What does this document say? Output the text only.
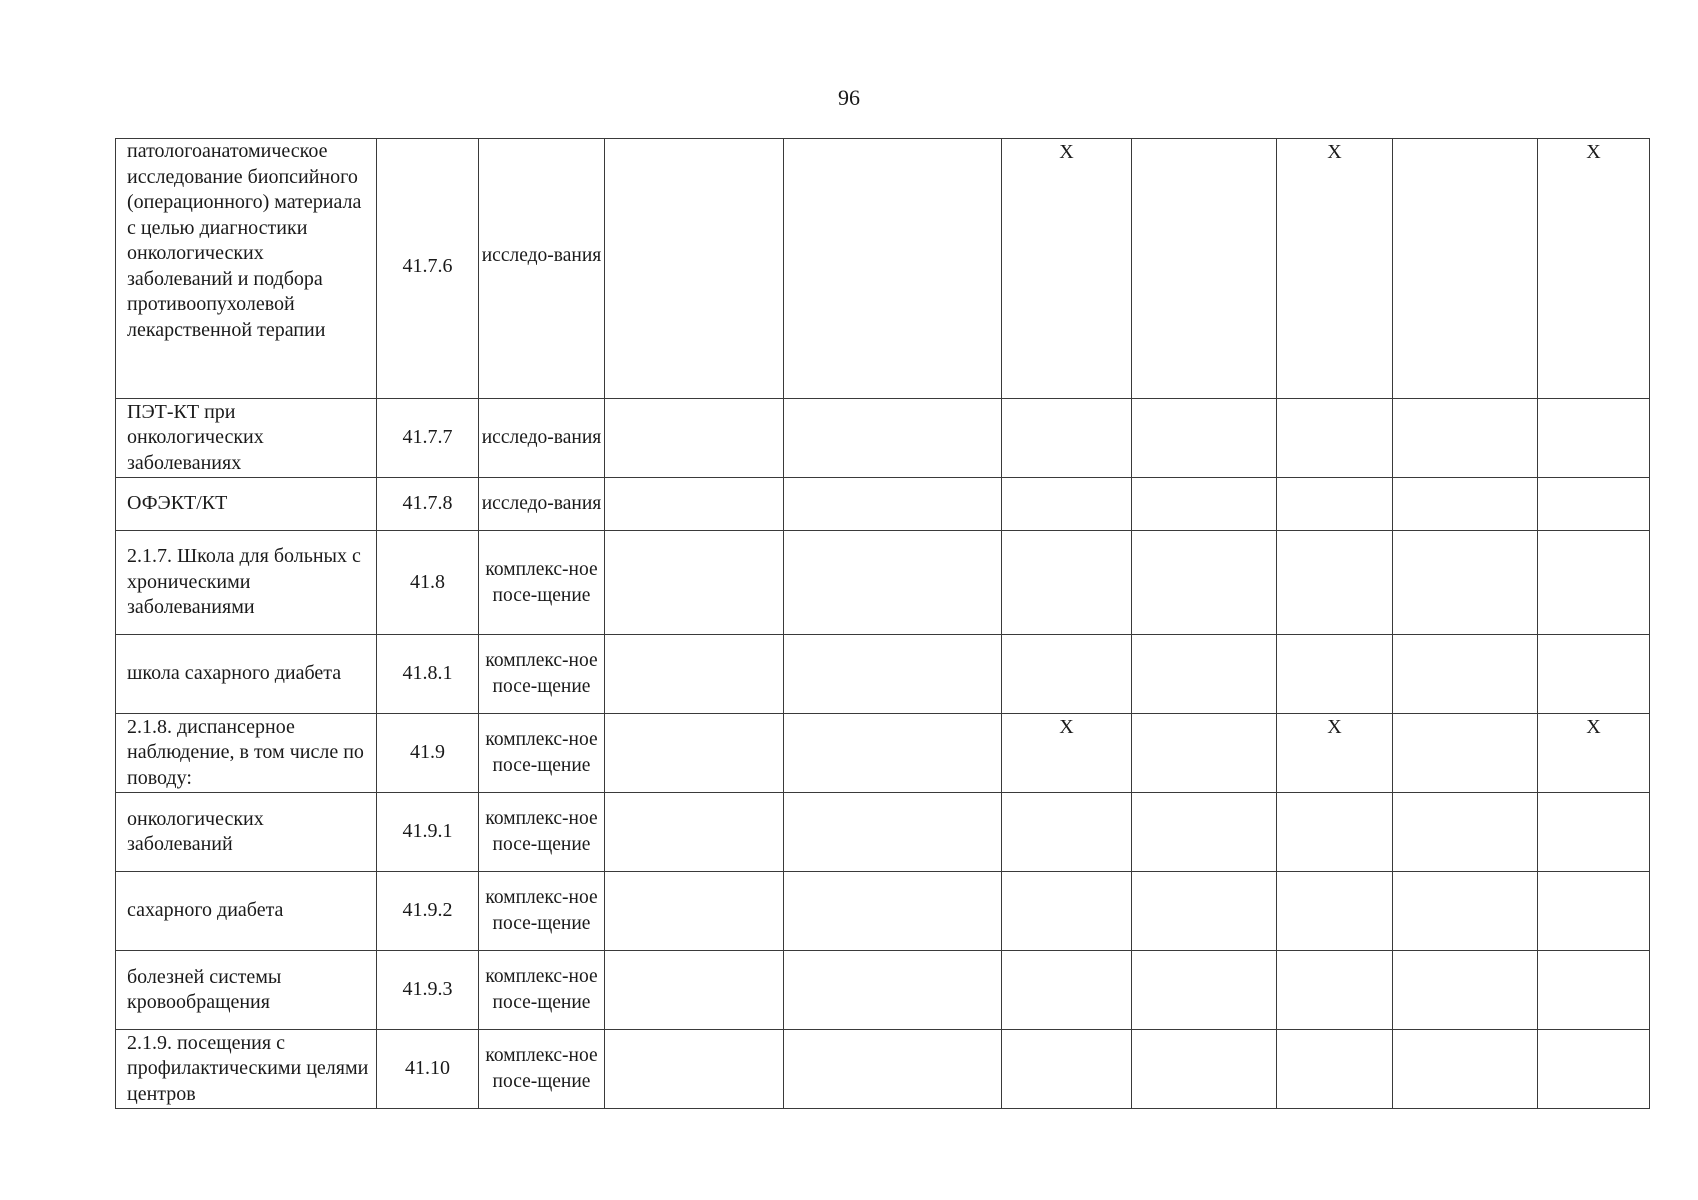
96
патологоанатомическое исследование биопсийного (операционного) материала с целью диагностики онкологических заболеваний и подбора противоопухолевой лекарственной терапии	41.7.6	исследо-вания			X		X		X
ПЭТ-КТ при онкологических заболеваниях	41.7.7	исследо-вания							
ОФЭКТ/КТ	41.7.8	исследо-вания							
2.1.7. Школа для больных с хроническими заболеваниями	41.8	комплекс-ное посе-щение							
школа сахарного диабета	41.8.1	комплекс-ное посе-щение							
2.1.8. диспансерное наблюдение, в том числе по поводу:	41.9	комплекс-ное посе-щение			X		X		X
онкологических заболеваний	41.9.1	комплекс-ное посе-щение							
сахарного диабета	41.9.2	комплекс-ное посе-щение							
болезней системы кровообращения	41.9.3	комплекс-ное посе-щение							
2.1.9. посещения с профилактическими целями центров	41.10	комплекс-ное посе-щение							
